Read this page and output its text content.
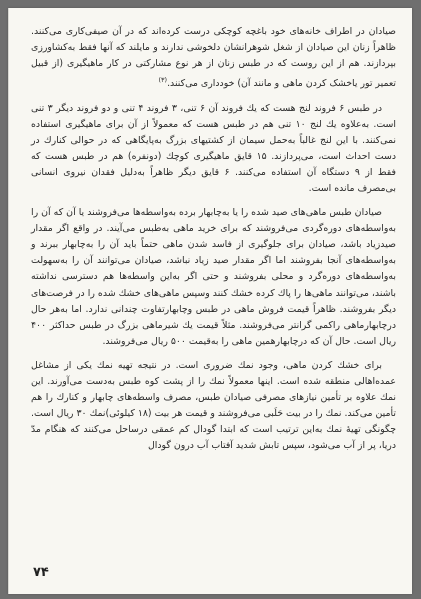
صیادان در اطراف خانه‌های خود باغچه کوچکی درست کرده‌اند که در آن صیفی‌کاری می‌کنند. ظاهراً زنان این صیادان از شغل شوهرانشان دلخوشی ندارند و مایلند که آنها فقط به‌کشاورزی بپردازند. هم از این روست که در طبس زنان از هر نوع مشارکتی در کار ماهیگیری (از قبیل تعمیر تور یاخشک کردن ماهی و مانند آن) خودداری می‌کنند.$^{(۳)}$

در طبس ۶ فروند لنج هست که یك فروند آن ۶ تنی، ۳ فروند ۴ تنی و دو فروند دیگر ۳ تنی است. به‌علاوه یك لنج ۱۰ تنی هم در طبس هست که معمولاً از آن برای ماهیگیری استفاده نمی‌کنند. با این لنج غالباً به‌حمل سیمان از کشتیهای بزرگ به‌پایگاهی که در حوالی کنارك در دست احداث است، می‌پردازند. ۱۵ قایق ماهیگیری کوچك (دونفره) هم در طبس هست که فقط از ۹ دستگاه آن استفاده می‌کنند. ۶ قایق دیگر ظاهراً به‌دلیل فقدان نیروی انسانی بی‌مصرف مانده است.

صیادان طبس ماهی‌های صید شده را یا به‌چابهار برده به‌واسطه‌ها می‌فروشند یا آن که آن را به‌واسطه‌های دوره‌گردی می‌فروشند که برای خرید ماهی به‌طبس می‌آیند. در واقع اگر مقدار صیدزیاد باشد، صیادان برای جلوگیری از فاسد شدن ماهی حتماً باید آن را به‌چابهار ببرند و به‌واسطه‌های آنجا بفروشند اما اگر مقدار صید زیاد نباشد، صیادان می‌توانند آن را به‌سهولت به‌واسطه‌های دوره‌گرد و محلی بفروشند و حتی اگر به‌این واسطه‌ها هم دسترسی نداشته باشند، می‌توانند ماهی‌ها را پاك کرده خشك کنند وسپس ماهی‌های خشك شده را در فرصت‌های دیگر بفروشند. ظاهراً قیمت فروش ماهی در طبس وچابهار‌تفاوت چندانی ندارد. اما به‌هر حال درچابهار‌ماهی راکمی گرانتر می‌فروشند. مثلاً قیمت یك شیرماهی بزرگ در طبس حداکثر ۴۰۰ ریال است. حال آن که درچابهارهمین ماهی را به‌قیمت ۵۰۰ ریال می‌فروشند.

برای خشك کردن ماهی، وجود نمك ضروری است. در نتیجه تهیه نمك یکی از مشاغل عمده‌اهالی منطقه شده است. اینها معمولاً نمك را از پشت‌ کوه طبس به‌دست می‌آورند. این نمك علاوه بر تأمین نیازهای مصرفی صیادان طبس، مصرف واسطه‌های چابهار و کنارك را هم تأمین می‌کند. نمك را در بیت حَلَبی می‌فروشند و قیمت هر بیت (۱۸ کیلوئی)نمك ۳۰ ریال است. چگونگی تهیهٔ نمك به‌این ترتیب است که ابتدا گودال کم عمقی درساحل می‌کنند که هنگام مدّ دریا، پر از آب می‌شود، سپس تابش شدید آفتاب آب درون گودال

۷۴
